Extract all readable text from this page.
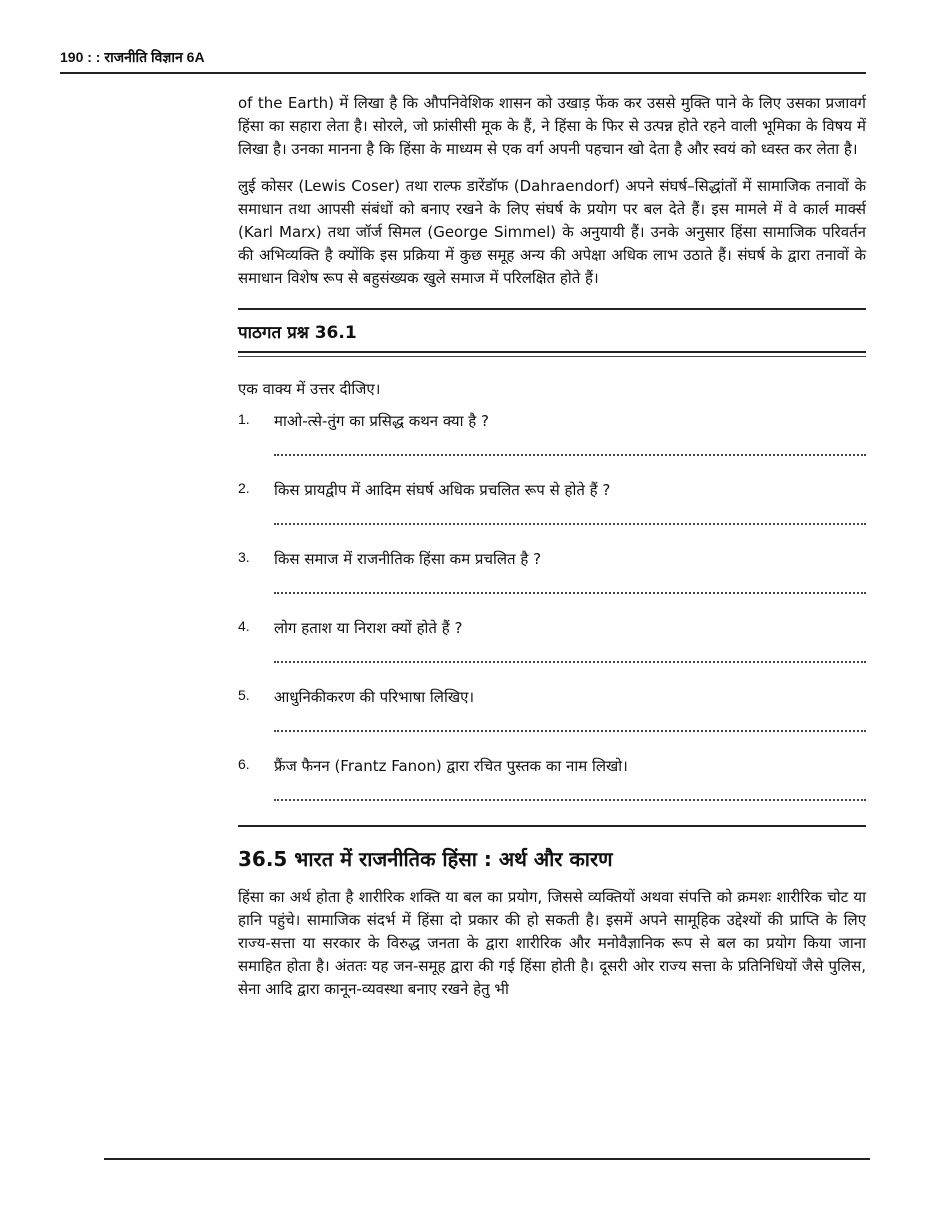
190 : : राजनीति विज्ञान 6A

of the Earth) में लिखा है कि औपनिवेशिक शासन को उखाड़ फेंक कर उससे मुक्ति पाने के लिए उसका प्रजावर्ग हिंसा का सहारा लेता है। सोरले, जो फ्रांसीसी मूक के हैं, ने हिंसा के फिर से उत्पन्न होते रहने वाली भूमिका के विषय में लिखा है। उनका मानना है कि हिंसा के माध्यम से एक वर्ग अपनी पहचान खो देता है और स्वयं को ध्वस्त कर लेता है।

लुई कोसर (Lewis Coser) तथा राल्फ डारेंडॉफ (Dahraendorf) अपने संघर्ष–सिद्धांतों में सामाजिक तनावों के समाधान तथा आपसी संबंधों को बनाए रखने के लिए संघर्ष के प्रयोग पर बल देते हैं। इस मामले में वे कार्ल मार्क्स (Karl Marx) तथा जॉर्ज सिमल (George Simmel) के अनुयायी हैं। उनके अनुसार हिंसा सामाजिक परिवर्तन की अभिव्यक्ति है क्योंकि इस प्रक्रिया में कुछ समूह अन्य की अपेक्षा अधिक लाभ उठाते हैं। संघर्ष के द्वारा तनावों के समाधान विशेष रूप से बहुसंख्यक खुले समाज में परिलक्षित होते हैं।

पाठगत प्रश्न 36.1
एक वाक्य में उत्तर दीजिए।
1. माओ-त्से-तुंग का प्रसिद्ध कथन क्या है ?
2. किस प्रायद्वीप में आदिम संघर्ष अधिक प्रचलित रूप से होते हैं ?
3. किस समाज में राजनीतिक हिंसा कम प्रचलित है ?
4. लोग हताश या निराश क्यों होते हैं ?
5. आधुनिकीकरण की परिभाषा लिखिए।
6. फ्रैंज फैनन (Frantz Fanon) द्वारा रचित पुस्तक का नाम लिखो।
36.5 भारत में राजनीतिक हिंसा : अर्थ और कारण

हिंसा का अर्थ होता है शारीरिक शक्ति या बल का प्रयोग, जिससे व्यक्तियों अथवा संपत्ति को क्रमशः शारीरिक चोट या हानि पहुंचे। सामाजिक संदर्भ में हिंसा दो प्रकार की हो सकती है। इसमें अपने सामूहिक उद्देश्यों की प्राप्ति के लिए राज्य-सत्ता या सरकार के विरुद्ध जनता के द्वारा शारीरिक और मनोवैज्ञानिक रूप से बल का प्रयोग किया जाना समाहित होता है। अंततः यह जन-समूह द्वारा की गई हिंसा होती है। दूसरी ओर राज्य सत्ता के प्रतिनिधियों जैसे पुलिस, सेना आदि द्वारा कानून-व्यवस्था बनाए रखने हेतु भी
